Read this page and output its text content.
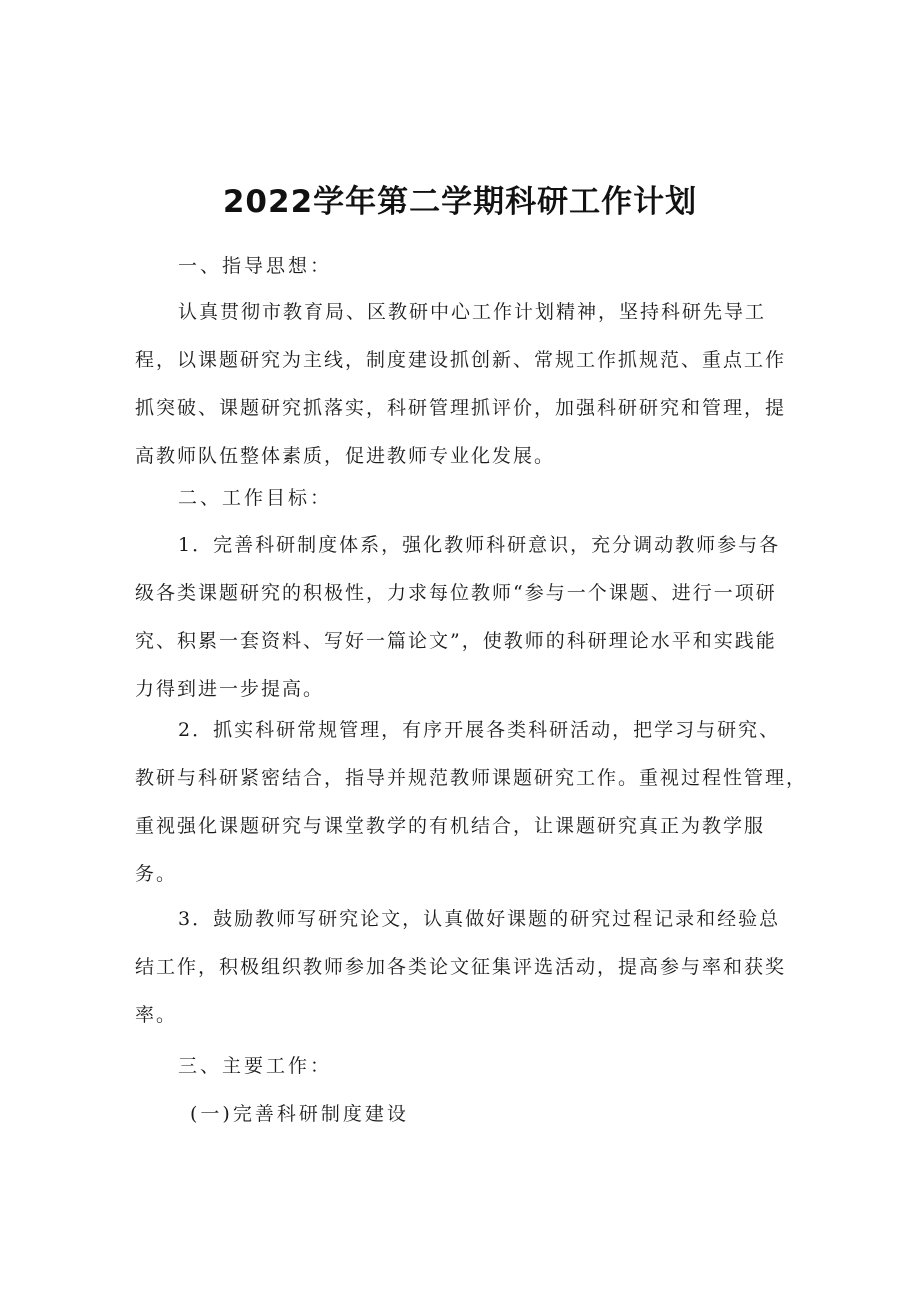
2022学年第二学期科研工作计划
一、指导思想：
认真贯彻市教育局、区教研中心工作计划精神，坚持科研先导工
程，以课题研究为主线，制度建设抓创新、常规工作抓规范、重点工作
抓突破、课题研究抓落实，科研管理抓评价，加强科研研究和管理，提
高教师队伍整体素质，促进教师专业化发展。
二、工作目标：
1．完善科研制度体系，强化教师科研意识，充分调动教师参与各
级各类课题研究的积极性，力求每位教师“参与一个课题、进行一项研
究、积累一套资料、写好一篇论文”，使教师的科研理论水平和实践能
力得到进一步提高。
2．抓实科研常规管理，有序开展各类科研活动，把学习与研究、
教研与科研紧密结合，指导并规范教师课题研究工作。重视过程性管理，
重视强化课题研究与课堂教学的有机结合，让课题研究真正为教学服
务。
3．鼓励教师写研究论文，认真做好课题的研究过程记录和经验总
结工作，积极组织教师参加各类论文征集评选活动，提高参与率和获奖
率。
三、主要工作：
(一)完善科研制度建设
